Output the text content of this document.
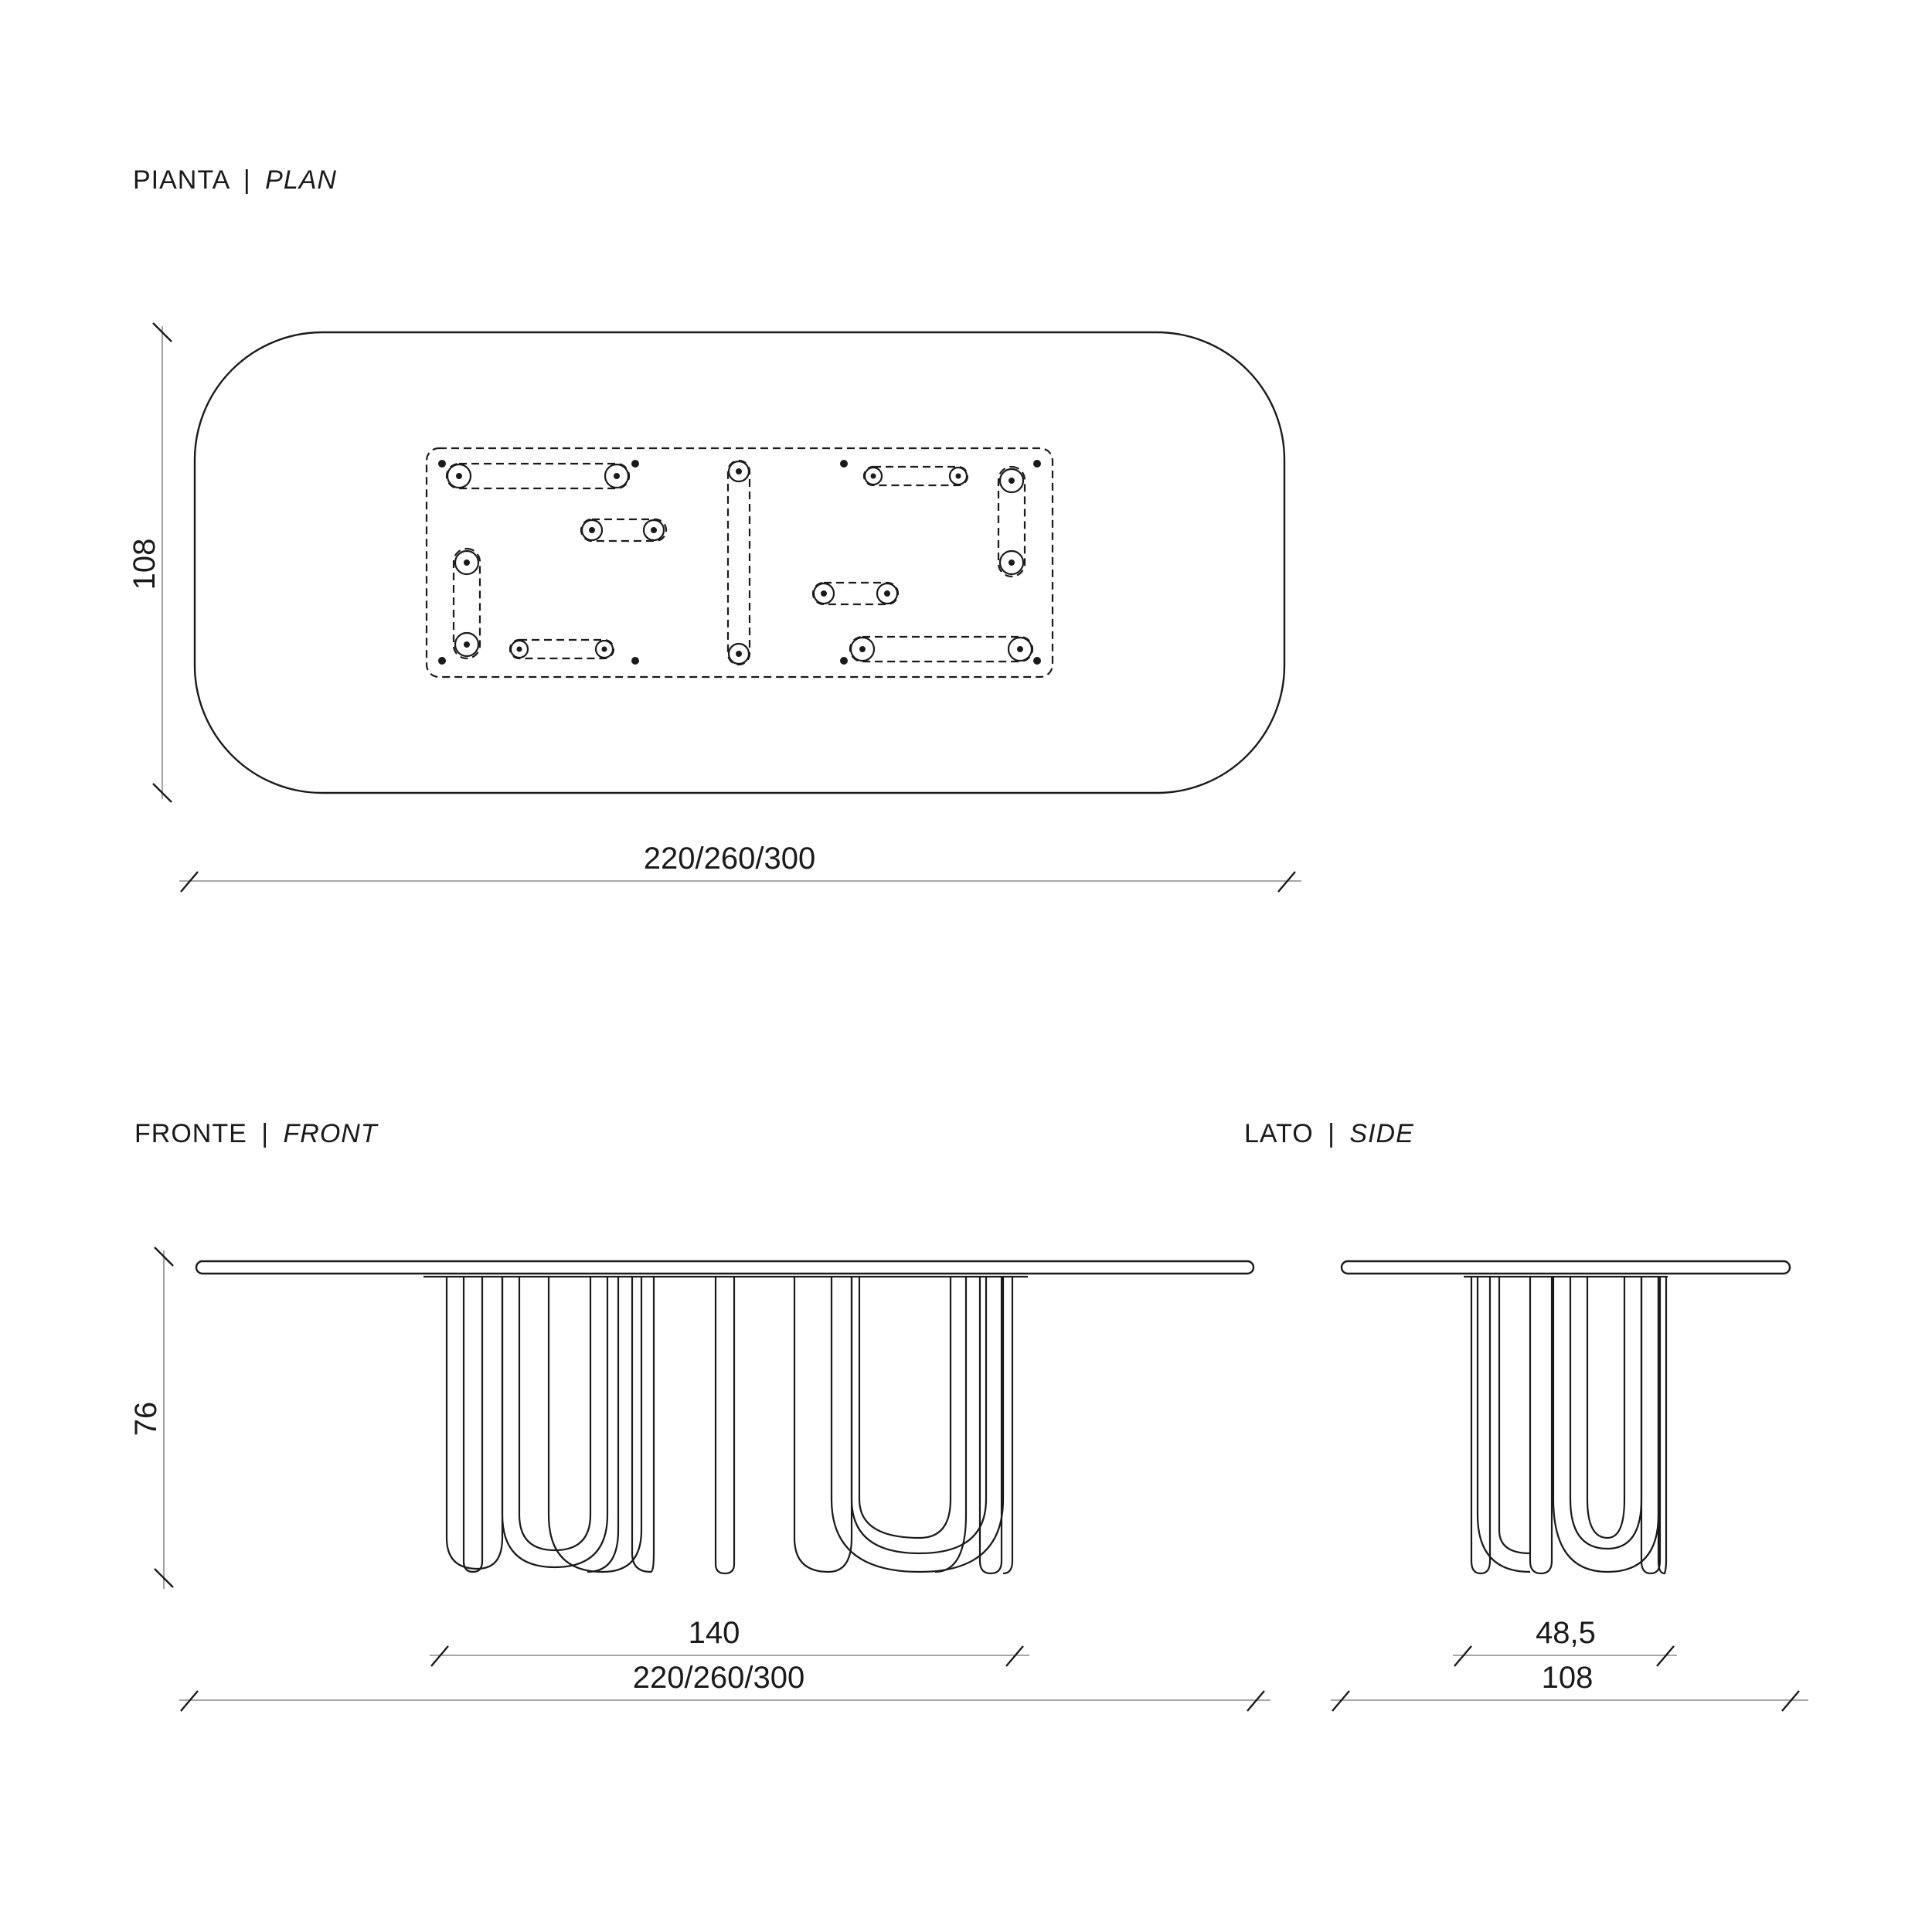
PIANTA | PLAN
108
220/260/300
FRONTE | FRONT
76
140
220/260/300
LATO | SIDE
48,5
108
